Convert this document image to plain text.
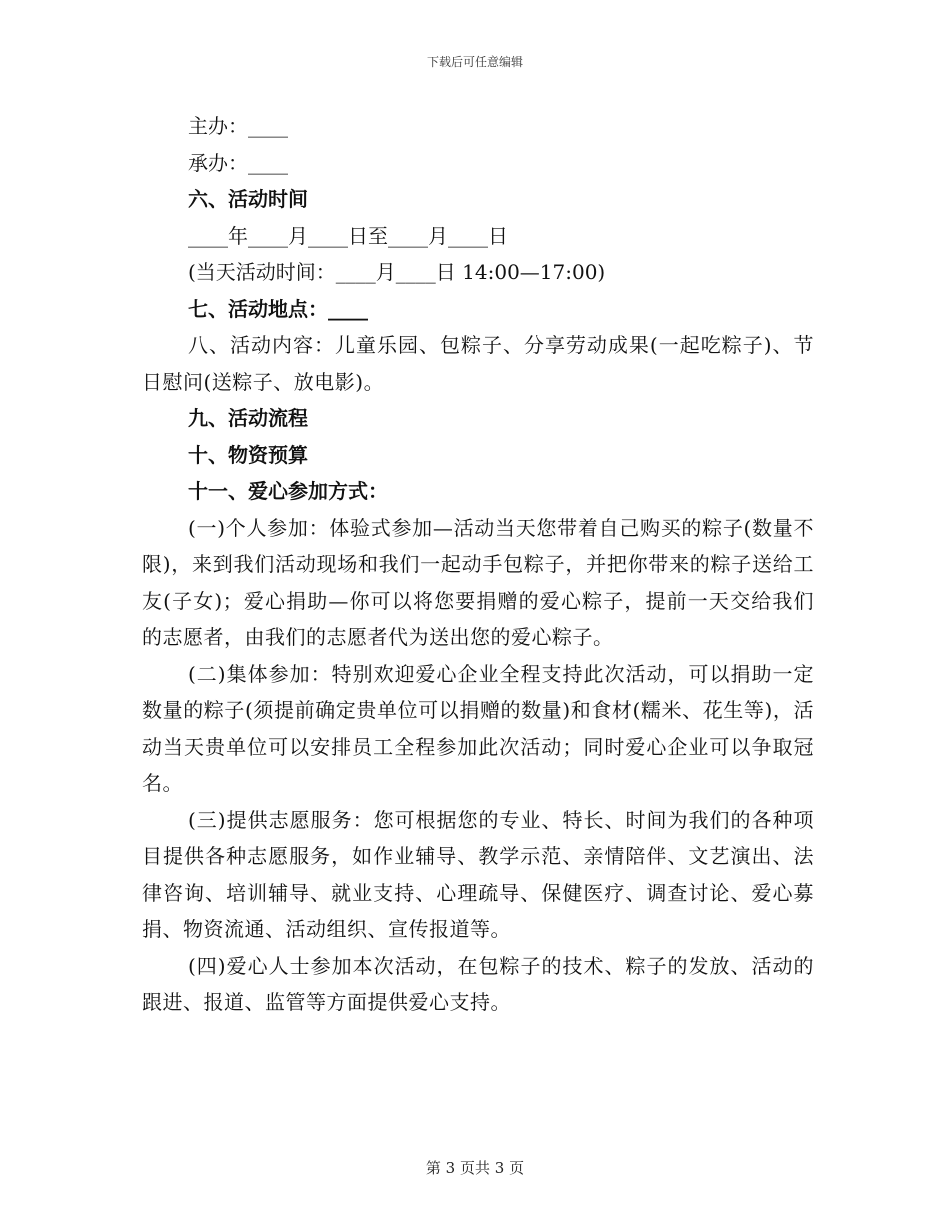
下载后可任意编辑
主办：____
承办：____
六、活动时间
____年____月____日至____月____日
(当天活动时间：____月____日 14:00—17:00)
七、活动地点：____
八、活动内容：儿童乐园、包粽子、分享劳动成果(一起吃粽子)、节日慰问(送粽子、放电影)。
九、活动流程
十、物资预算
十一、爱心参加方式：
(一)个人参加：体验式参加—活动当天您带着自己购买的粽子(数量不限)，来到我们活动现场和我们一起动手包粽子，并把你带来的粽子送给工友(子女)；爱心捐助—你可以将您要捐赠的爱心粽子，提前一天交给我们的志愿者，由我们的志愿者代为送出您的爱心粽子。
(二)集体参加：特别欢迎爱心企业全程支持此次活动，可以捐助一定数量的粽子(须提前确定贵单位可以捐赠的数量)和食材(糯米、花生等)，活动当天贵单位可以安排员工全程参加此次活动；同时爱心企业可以争取冠名。
(三)提供志愿服务：您可根据您的专业、特长、时间为我们的各种项目提供各种志愿服务，如作业辅导、教学示范、亲情陪伴、文艺演出、法律咨询、培训辅导、就业支持、心理疏导、保健医疗、调查讨论、爱心募捐、物资流通、活动组织、宣传报道等。
(四)爱心人士参加本次活动，在包粽子的技术、粽子的发放、活动的跟进、报道、监管等方面提供爱心支持。
第 3 页共 3 页
